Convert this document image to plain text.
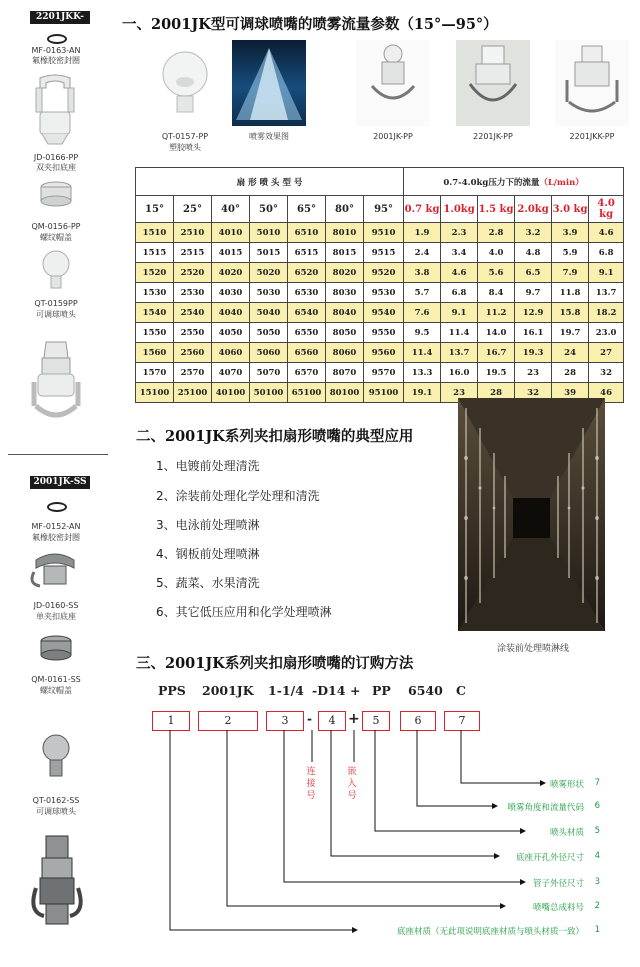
2201JKK-PP
MF-0163-AN
氟橡胶密封圈
JD-0166-PP
双夹扣底座
QM-0156-PP
螺纹帽盖
QT-0159PP
可调球喷头
2001JK-SS
MF-0152-AN
氟橡胶密封圈
JD-0160-SS
单夹扣底座
QM-0161-SS
螺纹帽盖
QT-0162-SS
可调球喷头
一、2001JK型可调球喷嘴的喷雾流量参数（15°—95°）
QT-0157-PP
塑胶喷头
喷雾效果图	2001JK-PP	2201JK-PP	2201JKK-PP
扇 形 喷 头 型 号							0.7-4.0kg压力下的流量（L/min）					
15°	25°	40°	50°	65°	80°	95°	0.7 kg	1.0kg	1.5 kg	2.0kg	3.0 kg	4.0 kg
1510	2510	4010	5010	6510	8010	9510	1.9	2.3	2.8	3.2	3.9	4.6
1515	2515	4015	5015	6515	8015	9515	2.4	3.4	4.0	4.8	5.9	6.8
1520	2520	4020	5020	6520	8020	9520	3.8	4.6	5.6	6.5	7.9	9.1
1530	2530	4030	5030	6530	8030	9530	5.7	6.8	8.4	9.7	11.8	13.7
1540	2540	4040	5040	6540	8040	9540	7.6	9.1	11.2	12.9	15.8	18.2
1550	2550	4050	5050	6550	8050	9550	9.5	11.4	14.0	16.1	19.7	23.0
1560	2560	4060	5060	6560	8060	9560	11.4	13.7	16.7	19.3	24	27
1570	2570	4070	5070	6570	8070	9570	13.3	16.0	19.5	23	28	32
15100	25100	40100	50100	65100	80100	95100	19.1	23	28	32	39	46
二、2001JK系列夹扣扇形喷嘴的典型应用
1、电镀前处理清洗
2、涂装前处理化学处理和清洗
3、电泳前处理喷淋
4、钢板前处理喷淋
5、蔬菜、水果清洗
6、其它低压应用和化学处理喷淋
涂装前处理喷淋线
三、2001JK系列夹扣扇形喷嘴的订购方法
PPS 2001JK 1-1/4 -D14 + PP 6540 C
1	2	3	-	4 +	5	6	7
连接号
嵌入号
喷雾形状 7
喷雾角度和流量代码 6
喷头材质 5
底座开孔外径尺寸 4
管子外径尺寸 3
喷嘴总成料号 2
底座材质（无此项说明底座材质与喷头材质一致） 1
